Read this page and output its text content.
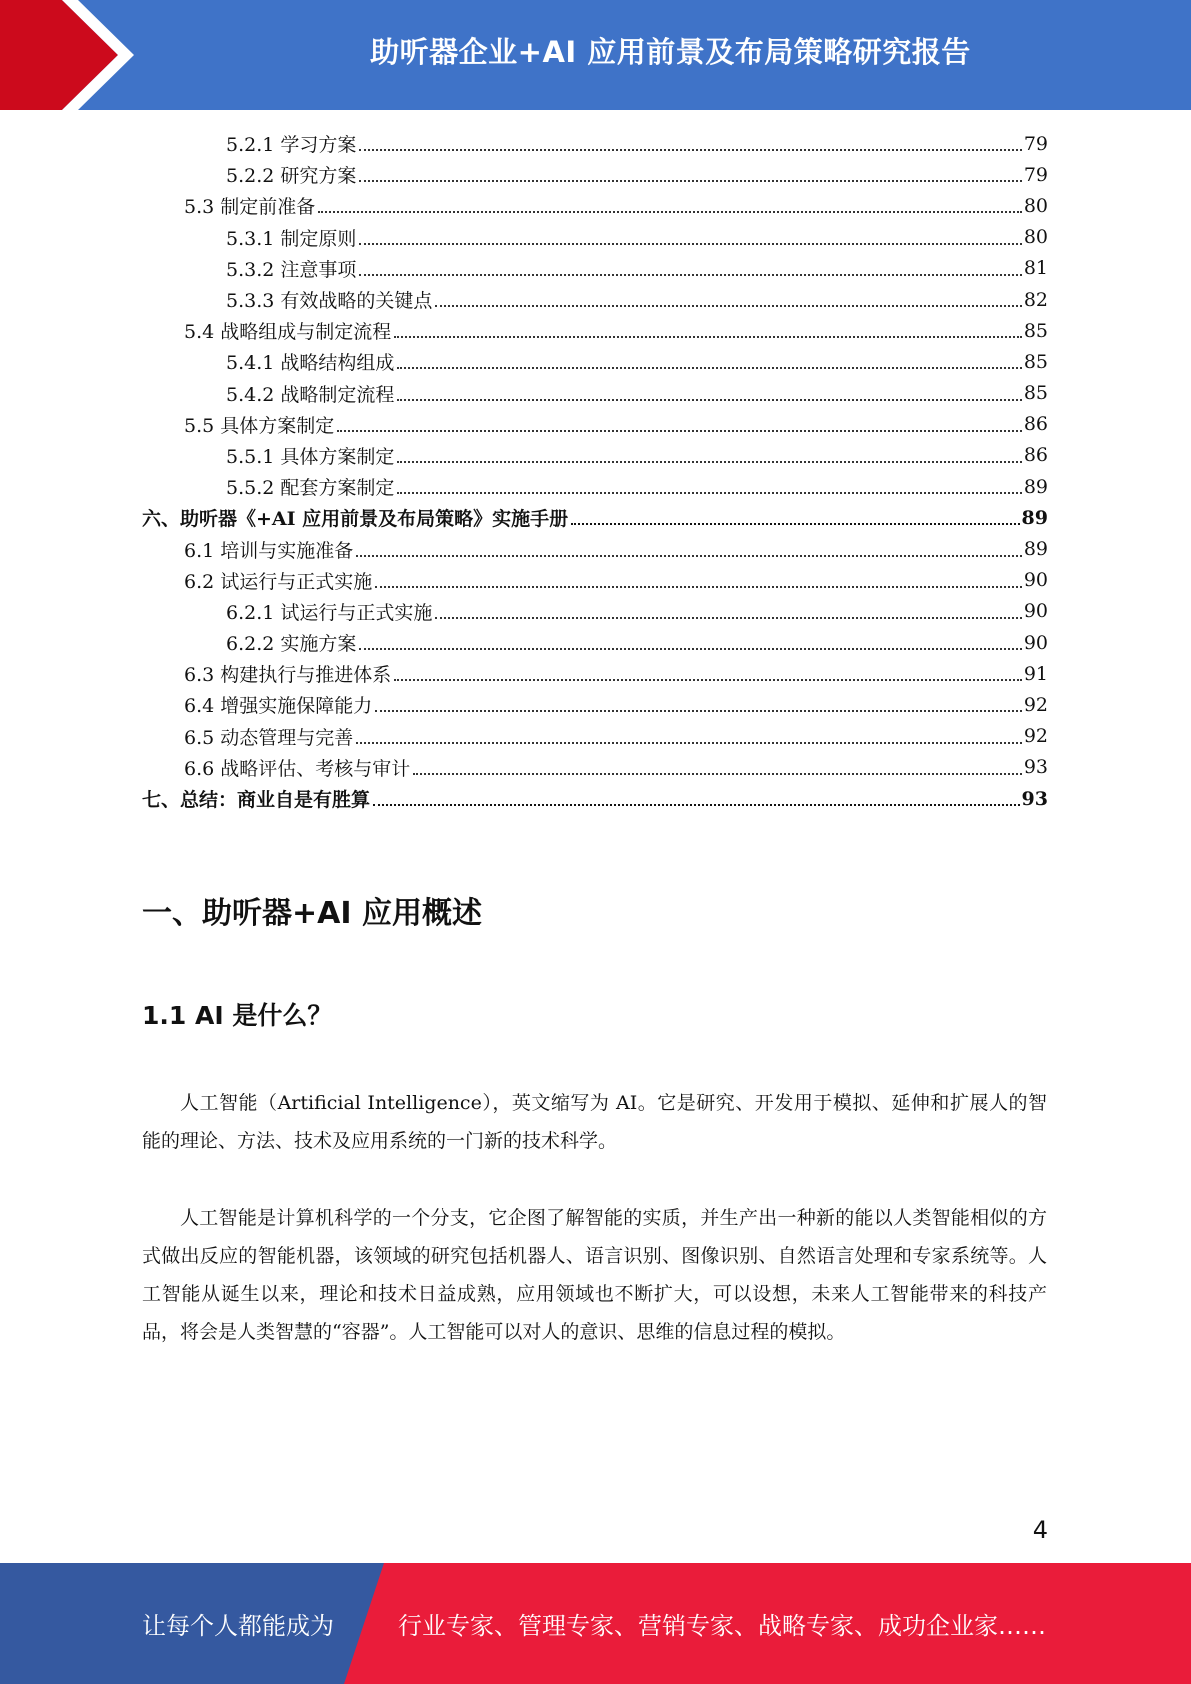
助听器企业+AI 应用前景及布局策略研究报告
5.2.1 学习方案	79
5.2.2 研究方案	79
5.3 制定前准备	80
5.3.1 制定原则	80
5.3.2 注意事项	81
5.3.3 有效战略的关键点	82
5.4 战略组成与制定流程	85
5.4.1 战略结构组成	85
5.4.2 战略制定流程	85
5.5 具体方案制定	86
5.5.1 具体方案制定	86
5.5.2 配套方案制定	89
六、助听器《+AI 应用前景及布局策略》实施手册	89
6.1 培训与实施准备	89
6.2 试运行与正式实施	90
6.2.1 试运行与正式实施	90
6.2.2 实施方案	90
6.3 构建执行与推进体系	91
6.4 增强实施保障能力	92
6.5 动态管理与完善	92
6.6 战略评估、考核与审计	93
七、总结：商业自是有胜算	93
一、助听器+AI 应用概述
1.1 AI 是什么？

人工智能（Artificial Intelligence），英文缩写为 AI。它是研究、开发用于模拟、延伸和扩展人的智能的理论、方法、技术及应用系统的一门新的技术科学。

人工智能是计算机科学的一个分支，它企图了解智能的实质，并生产出一种新的能以人类智能相似的方式做出反应的智能机器，该领域的研究包括机器人、语言识别、图像识别、自然语言处理和专家系统等。人工智能从诞生以来，理论和技术日益成熟，应用领域也不断扩大，可以设想，未来人工智能带来的科技产品，将会是人类智慧的“容器”。人工智能可以对人的意识、思维的信息过程的模拟。

4
让每个人都能成为	行业专家、管理专家、营销专家、战略专家、成功企业家……
